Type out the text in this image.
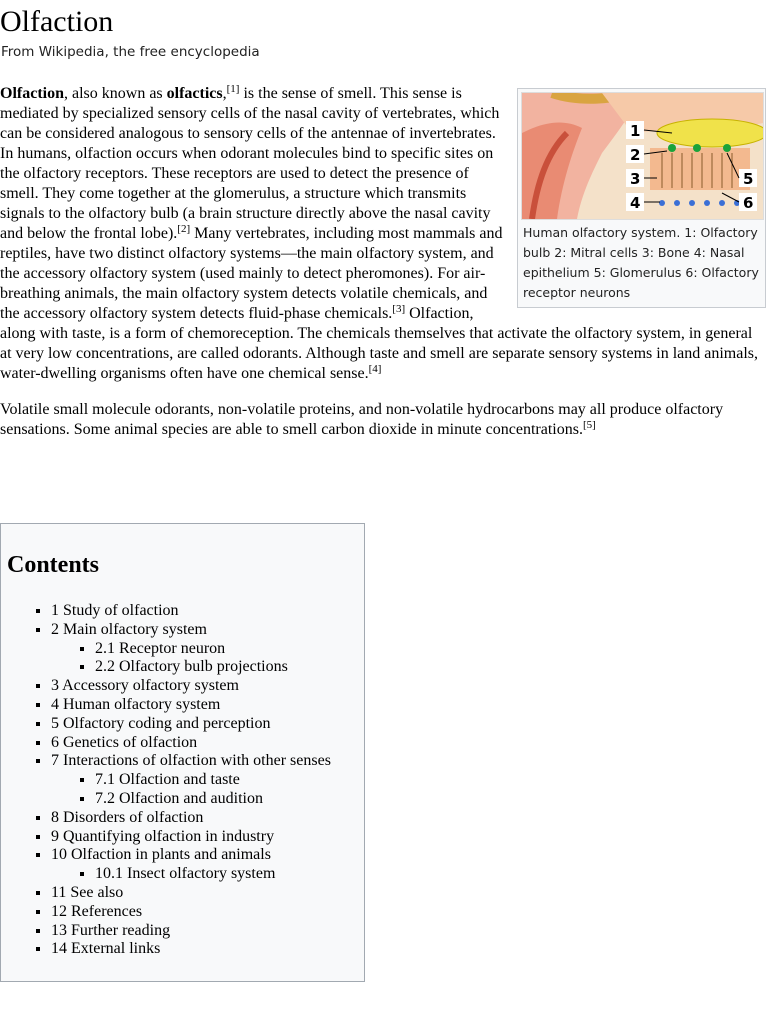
Olfaction
From Wikipedia, the free encyclopedia
1
2
3
4
5
6
Human olfactory system. 1: Olfactory bulb 2: Mitral cells 3: Bone 4: Nasal epithelium 5: Glomerulus 6: Olfactory receptor neurons

Olfaction, also known as olfactics,[1] is the sense of smell. This sense is mediated by specialized sensory cells of the nasal cavity of vertebrates, which can be considered analogous to sensory cells of the antennae of invertebrates. In humans, olfaction occurs when odorant molecules bind to specific sites on the olfactory receptors. These receptors are used to detect the presence of smell. They come together at the glomerulus, a structure which transmits signals to the olfactory bulb (a brain structure directly above the nasal cavity and below the frontal lobe).[2] Many vertebrates, including most mammals and reptiles, have two distinct olfactory systems—the main olfactory system, and the accessory olfactory system (used mainly to detect pheromones). For air-breathing animals, the main olfactory system detects volatile chemicals, and the accessory olfactory system detects fluid-phase chemicals.[3] Olfaction, along with taste, is a form of chemoreception. The chemicals themselves that activate the olfactory system, in general at very low concentrations, are called odorants. Although taste and smell are separate sensory systems in land animals, water-dwelling organisms often have one chemical sense.[4]

Volatile small molecule odorants, non-volatile proteins, and non-volatile hydrocarbons may all produce olfactory sensations. Some animal species are able to smell carbon dioxide in minute concentrations.[5]

Contents
▪ 1 Study of olfaction
▪ 2 Main olfactory system
▪ 2.1 Receptor neuron
▪ 2.2 Olfactory bulb projections
▪ 3 Accessory olfactory system
▪ 4 Human olfactory system
▪ 5 Olfactory coding and perception
▪ 6 Genetics of olfaction
▪ 7 Interactions of olfaction with other senses
▪ 7.1 Olfaction and taste
▪ 7.2 Olfaction and audition
▪ 8 Disorders of olfaction
▪ 9 Quantifying olfaction in industry
▪ 10 Olfaction in plants and animals
▪ 10.1 Insect olfactory system
▪ 11 See also
▪ 12 References
▪ 13 Further reading
▪ 14 External links
